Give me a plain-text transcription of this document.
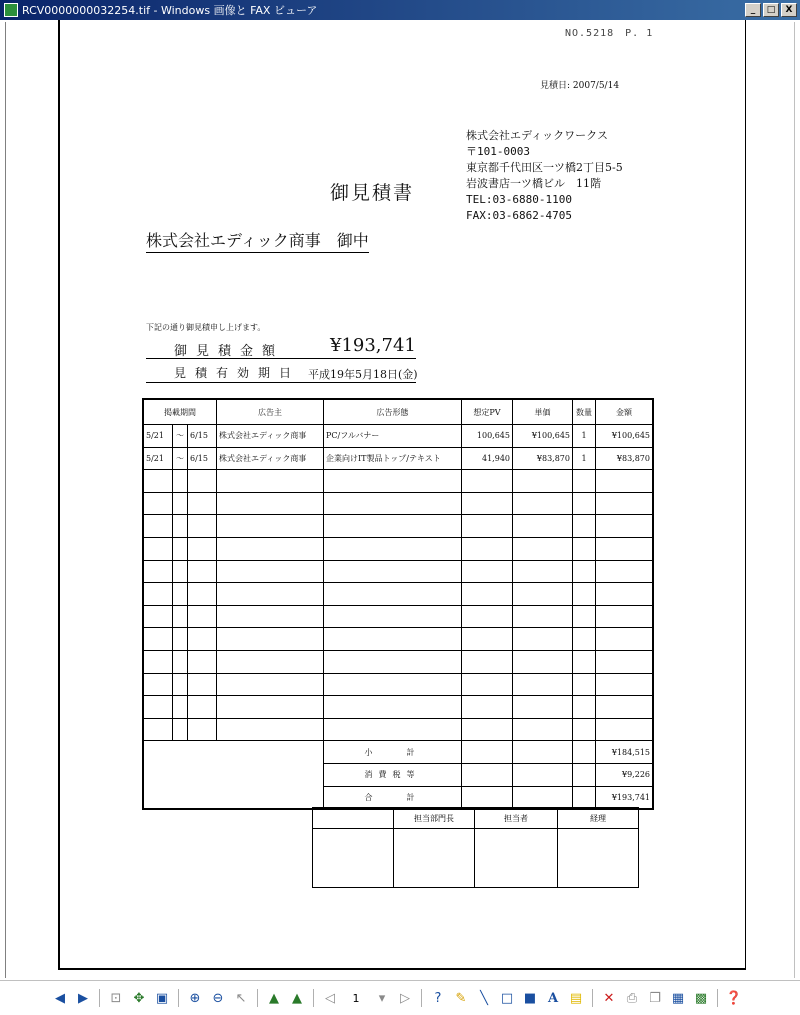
RCV0000000032254.tif - Windows 画像と FAX ビューア	_	□	X
NO.5218　P. 1
見積日: 2007/5/14
株式会社エディックワークス
〒101-0003
東京都千代田区一ツ橋2丁目5-5
岩波書店一ツ橋ビル　11階
TEL:03-6880-1100
FAX:03-6862-4705
御見積書
株式会社エディック商事　御中
下記の通り御見積申し上げます。
御見積金額	¥193,741
見積有効期日 平成19年5月18日(金)
掲載期間			広告主	広告形態	想定PV	単価	数量	金額
5/21	～	6/15	株式会社エディック商事	PC/フルバナー	100,645	¥100,645	1	¥100,645
5/21	～	6/15	株式会社エディック商事	企業向けIT製品トップ/テキスト	41,940	¥83,870	1	¥83,870

				小　　計				¥184,515
				消費税等				¥9,226
				合　　計				¥193,741
	担当部門長	担当者	経理

◀	▶	⊡ ✥ ▣	⊕ ⊖ ↖	▲	▲	◁	1	▾	▷	?	✎	╲ □ ■ A ▤	✕ ⎙ ❐ ▦ ▩ ❓
